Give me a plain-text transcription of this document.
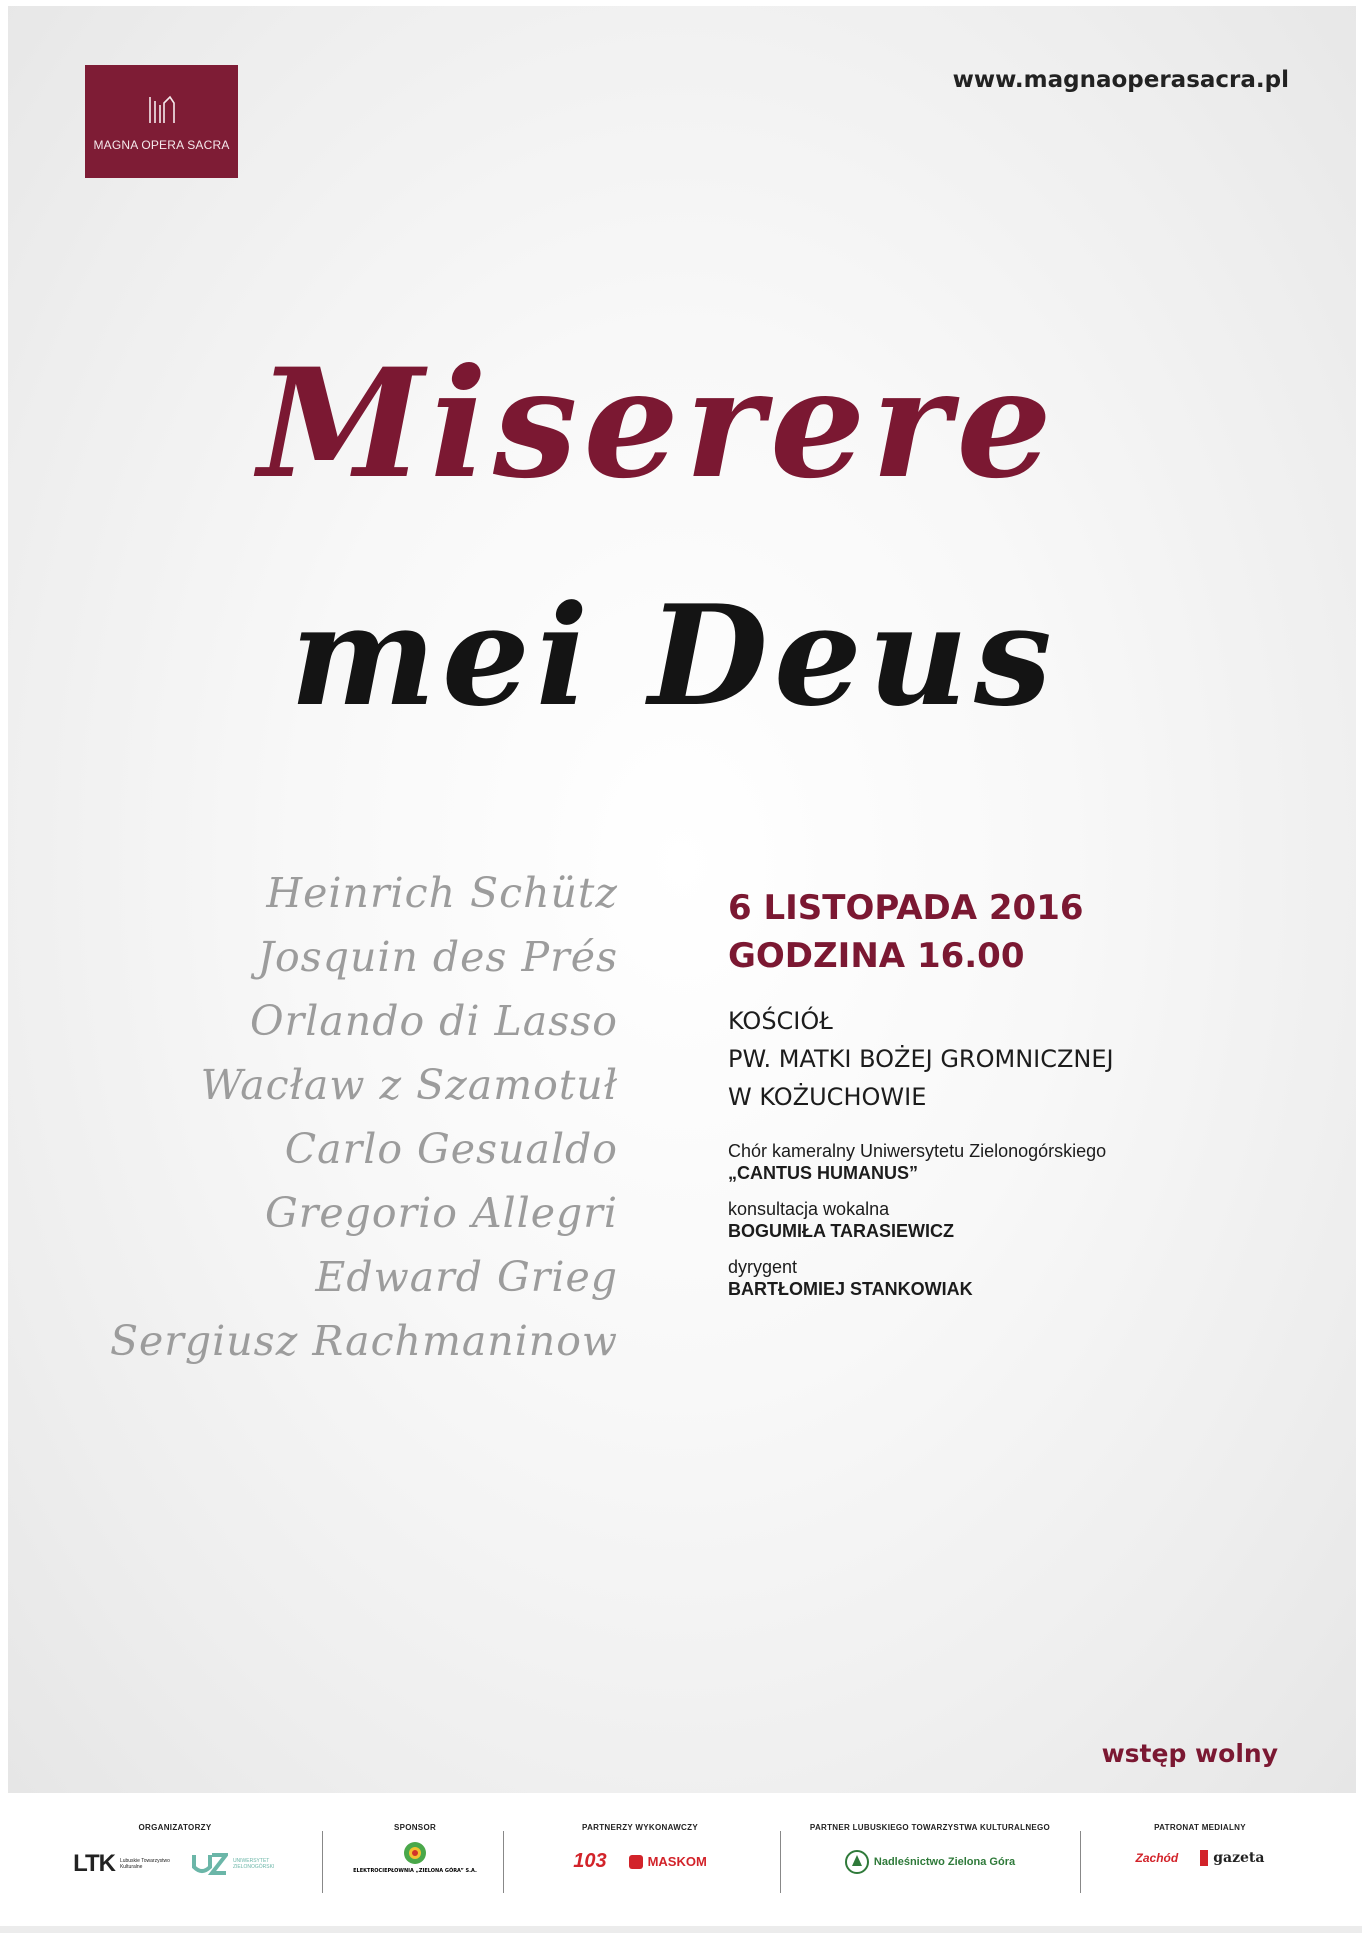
MAGNA OPERA SACRA
www.magnaoperasacra.pl
Miserere
mei Deus
Heinrich Schütz
Josquin des Prés
Orlando di Lasso
Wacław z Szamotuł
Carlo Gesualdo
Gregorio Allegri
Edward Grieg
Sergiusz Rachmaninow
6 LISTOPADA 2016
GODZINA 16.00
KOŚCIÓŁ
PW. MATKI BOŻEJ GROMNICZNEJ
W KOŻUCHOWIE
Chór kameralny Uniwersytetu Zielonogórskiego
„CANTUS HUMANUS”
konsultacja wokalna
BOGUMIŁA TARASIEWICZ
dyrygent
BARTŁOMIEJ STANKOWIAK
wstęp wolny
ORGANIZATORZY
LTK Lubuskie Towarzystwo Kulturalne
UNIWERSYTET ZIELONOGÓRSKI
SPONSOR
ELEKTROCIEPŁOWNIA „ZIELONA GÓRA” S.A.
PARTNERZY WYKONAWCZY
103	MASKOM
PARTNER LUBUSKIEGO TOWARZYSTWA KULTURALNEGO
Nadleśnictwo Zielona Góra
PATRONAT MEDIALNY
Zachód	gazeta
